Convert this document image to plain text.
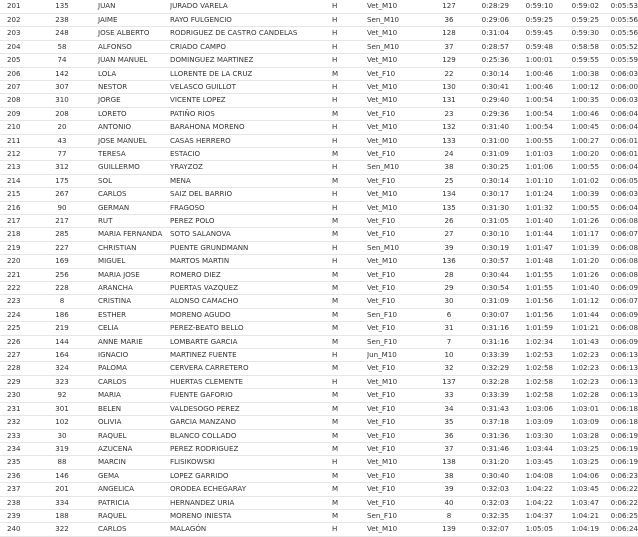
201	135	JUAN	JURADO VARELA	H	Vet_M10	127	0:28:29	0:59:10	0:59:02	0:05:53
202	238	JAIME	RAYO FULGENCIO	H	Sen_M10	36	0:29:06	0:59:25	0:59:25	0:05:56
203	248	JOSE ALBERTO	RODRIGUEZ DE CASTRO CANDELAS	H	Vet_M10	128	0:31:04	0:59:45	0:59:30	0:05:56
204	58	ALFONSO	CRIADO CAMPO	H	Sen_M10	37	0:28:57	0:59:48	0:58:58	0:05:52
205	74	JUAN MANUEL	DOMINGUEZ MARTINEZ	H	Vet_M10	129	0:25:36	1:00:01	0:59:55	0:05:59
206	142	LOLA	LLORENTE DE LA CRUZ	M	Vet_F10	22	0:30:14	1:00:46	1:00:38	0:06:03
207	307	NESTOR	VELASCO GUILLOT	H	Vet_M10	130	0:30:41	1:00:46	1:00:12	0:06:00
208	310	JORGE	VICENTE LOPEZ	H	Vet_M10	131	0:29:40	1:00:54	1:00:35	0:06:03
209	208	LORETO	PATIÑO RIOS	M	Vet_F10	23	0:29:36	1:00:54	1:00:46	0:06:04
210	20	ANTONIO	BARAHONA MORENO	H	Vet_M10	132	0:31:40	1:00:54	1:00:45	0:06:04
211	43	JOSE MANUEL	CASAS HERRERO	H	Vet_M10	133	0:31:00	1:00:55	1:00:27	0:06:01
212	77	TERESA	ESTACIO	M	Vet_F10	24	0:31:09	1:01:03	1:00:20	0:06:01
213	312	GUILLERMO	YRAYZOZ	H	Sen_M10	38	0:30:25	1:01:06	1:00:55	0:06:04
214	175	SOL	MENA	M	Vet_F10	25	0:30:14	1:01:10	1:01:02	0:06:05
215	267	CARLOS	SAIZ DEL BARRIO	H	Vet_M10	134	0:30:17	1:01:24	1:00:39	0:06:03
216	90	GERMAN	FRAGOSO	H	Vet_M10	135	0:31:30	1:01:32	1:00:55	0:06:04
217	217	RUT	PEREZ POLO	M	Vet_F10	26	0:31:05	1:01:40	1:01:26	0:06:08
218	285	MARIA FERNANDA	SOTO SALANOVA	M	Vet_F10	27	0:30:10	1:01:44	1:01:17	0:06:07
219	227	CHRISTIAN	PUENTE GRUNDMANN	H	Sen_M10	39	0:30:19	1:01:47	1:01:39	0:06:08
220	169	MIGUEL	MARTOS MARTIN	H	Vet_M10	136	0:30:57	1:01:48	1:01:20	0:06:08
221	256	MARIA JOSE	ROMERO DIEZ	M	Vet_F10	28	0:30:44	1:01:55	1:01:26	0:06:08
222	228	ARANCHA	PUERTAS VAZQUEZ	M	Vet_F10	29	0:30:54	1:01:55	1:01:40	0:06:09
223	8	CRISTINA	ALONSO CAMACHO	M	Vet_F10	30	0:31:09	1:01:56	1:01:12	0:06:07
224	186	ESTHER	MORENO AGUDO	M	Sen_F10	6	0:30:07	1:01:56	1:01:44	0:06:09
225	219	CELIA	PEREZ-BEATO BELLO	M	Vet_F10	31	0:31:16	1:01:59	1:01:21	0:06:08
226	144	ANNE MARIE	LOMBARTE GARCIA	M	Sen_F10	7	0:31:16	1:02:34	1:01:43	0:06:09
227	164	IGNACIO	MARTINEZ FUENTE	H	Jun_M10	10	0:33:39	1:02:53	1:02:23	0:06:13
228	324	PALOMA	CERVERA CARRETERO	M	Vet_F10	32	0:32:29	1:02:58	1:02:23	0:06:13
229	323	CARLOS	HUERTAS CLEMENTE	H	Vet_M10	137	0:32:28	1:02:58	1:02:23	0:06:13
230	92	MARIA	FUENTE GAFORIO	M	Vet_F10	33	0:33:39	1:02:58	1:02:28	0:06:13
231	301	BELEN	VALDESOGO PEREZ	M	Vet_F10	34	0:31:43	1:03:06	1:03:01	0:06:18
232	102	OLIVIA	GARCIA MANZANO	M	Vet_F10	35	0:37:18	1:03:09	1:03:09	0:06:18
233	30	RAQUEL	BLANCO COLLADO	M	Vet_F10	36	0:31:36	1:03:30	1:03:28	0:06:19
234	319	AZUCENA	PEREZ RODRIGUEZ	M	Vet_F10	37	0:31:46	1:03:44	1:03:25	0:06:19
235	88	MARCIN	FLISIKOWSKI	H	Vet_M10	138	0:31:20	1:03:45	1:03:25	0:06:19
236	146	GEMA	LOPEZ GARRIDO	M	Vet_F10	38	0:30:40	1:04:08	1:04:06	0:06:23
237	201	ANGELICA	ORODEA ECHEGARAY	M	Vet_F10	39	0:32:03	1:04:22	1:03:45	0:06:22
238	334	PATRICIA	HERNANDEZ URIA	M	Vet_F10	40	0:32:03	1:04:22	1:03:47	0:06:22
239	188	RAQUEL	MORENO INIESTA	M	Sen_F10	8	0:32:35	1:04:37	1:04:21	0:06:25
240	322	CARLOS	MALAGÓN	H	Vet_M10	139	0:32:07	1:05:05	1:04:19	0:06:24
